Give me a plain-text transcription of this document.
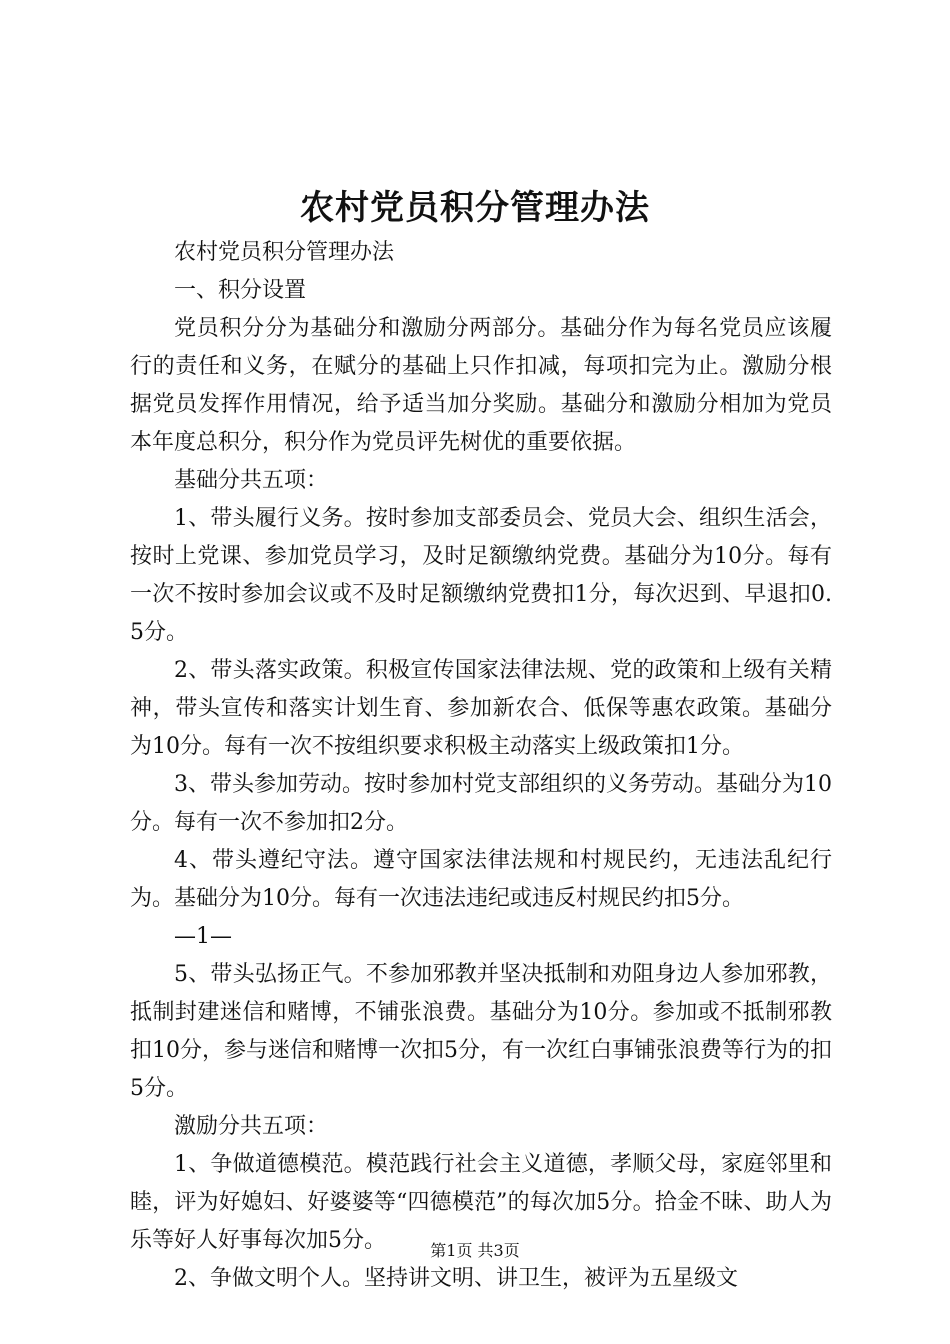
农村党员积分管理办法

农村党员积分管理办法

一、积分设置

党员积分分为基础分和激励分两部分。基础分作为每名党员应该履行的责任和义务，在赋分的基础上只作扣减，每项扣完为止。激励分根据党员发挥作用情况，给予适当加分奖励。基础分和激励分相加为党员本年度总积分，积分作为党员评先树优的重要依据。

基础分共五项：

1、带头履行义务。按时参加支部委员会、党员大会、组织生活会，按时上党课、参加党员学习，及时足额缴纳党费。基础分为10分。每有一次不按时参加会议或不及时足额缴纳党费扣1分，每次迟到、早退扣0.5分。

2、带头落实政策。积极宣传国家法律法规、党的政策和上级有关精神，带头宣传和落实计划生育、参加新农合、低保等惠农政策。基础分为10分。每有一次不按组织要求积极主动落实上级政策扣1分。

3、带头参加劳动。按时参加村党支部组织的义务劳动。基础分为10分。每有一次不参加扣2分。

4、带头遵纪守法。遵守国家法律法规和村规民约，无违法乱纪行为。基础分为10分。每有一次违法违纪或违反村规民约扣5分。

—1—

5、带头弘扬正气。不参加邪教并坚决抵制和劝阻身边人参加邪教，抵制封建迷信和赌博，不铺张浪费。基础分为10分。参加或不抵制邪教扣10分，参与迷信和赌博一次扣5分，有一次红白事铺张浪费等行为的扣5分。

激励分共五项：

1、争做道德模范。模范践行社会主义道德，孝顺父母，家庭邻里和睦，评为好媳妇、好婆婆等“四德模范”的每次加5分。拾金不昧、助人为乐等好人好事每次加5分。

2、争做文明个人。坚持讲文明、讲卫生，被评为五星级文

第1页 共3页
